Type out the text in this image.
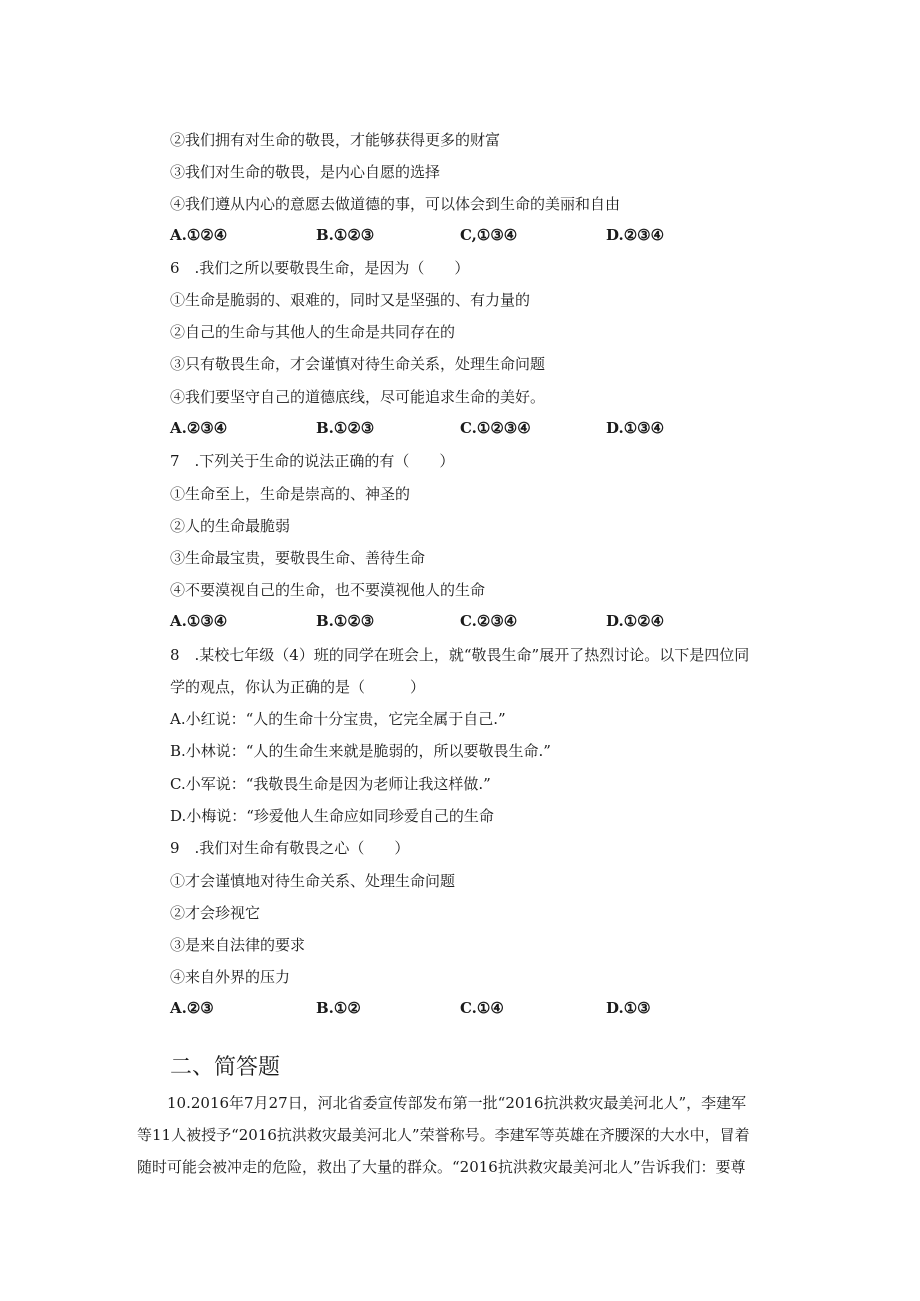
②我们拥有对生命的敬畏，才能够获得更多的财富
③我们对生命的敬畏，是内心自愿的选择
④我们遵从内心的意愿去做道德的事，可以体会到生命的美丽和自由
A.①②④	B.①②③	C,①③④	D.②③④
6　.我们之所以要敬畏生命，是因为（　　）
①生命是脆弱的、艰难的，同时又是坚强的、有力量的
②自己的生命与其他人的生命是共同存在的
③只有敬畏生命，才会谨慎对待生命关系，处理生命问题
④我们要坚守自己的道德底线，尽可能追求生命的美好。
A.②③④	B.①②③	C.①②③④	D.①③④
7　.下列关于生命的说法正确的有（　　）
①生命至上，生命是崇高的、神圣的
②人的生命最脆弱
③生命最宝贵，要敬畏生命、善待生命
④不要漠视自己的生命，也不要漠视他人的生命
A.①③④	B.①②③	C.②③④	D.①②④
8　.某校七年级（4）班的同学在班会上，就“敬畏生命”展开了热烈讨论。以下是四位同
学的观点，你认为正确的是（　　　）
A.小红说：“人的生命十分宝贵，它完全属于自己.”
B.小林说：“人的生命生来就是脆弱的，所以要敬畏生命.”
C.小军说：“我敬畏生命是因为老师让我这样做.”
D.小梅说：“珍爱他人生命应如同珍爱自己的生命
9　.我们对生命有敬畏之心（　　）
①才会谨慎地对待生命关系、处理生命问题
②才会珍视它
③是来自法律的要求
④来自外界的压力
A.②③	B.①②	C.①④	D.①③
二、简答题
　　10.2016年7月27日，河北省委宣传部发布第一批“2016抗洪救灾最美河北人”，李建军
等11人被授予“2016抗洪救灾最美河北人”荣誉称号。李建军等英雄在齐腰深的大水中，冒着
随时可能会被冲走的危险，救出了大量的群众。“2016抗洪救灾最美河北人”告诉我们：要尊
